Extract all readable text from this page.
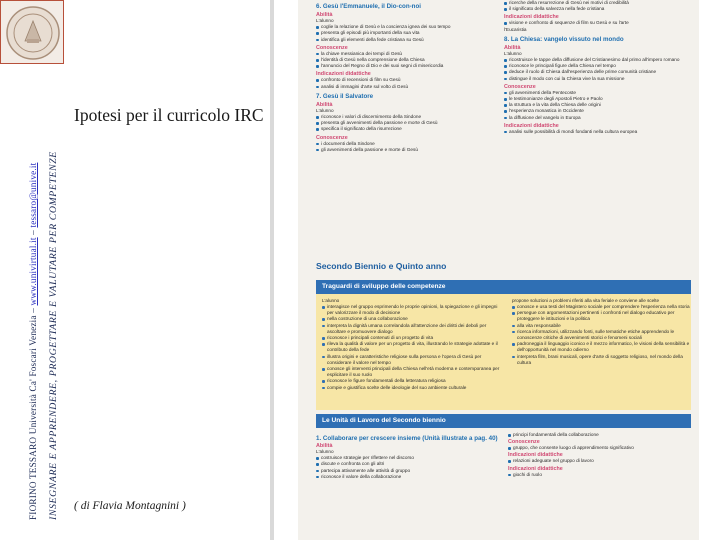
FIORINO TESSARO Università Ca' Foscari Venezia – www.univirtual.it – tessaro@unive.it INSEGNARE E APPRENDERE, PROGETTARE E VALUTARE PER COMPETENZE
Ipotesi per il curricolo IRC
( di Flavia Montagnini )
6. Gesù l'Emmanuele, il Dio-con-noi
Abilità
L'alunno
coglie la relazione di Gesù e la coscienza ignea dei suo tempo
presenta gli episodi più importanti della sua vita
identifica gli elementi della fede cristiana su Gesù
Conoscenze
la chiave messianica dei tempi di Gesù
l'identità di Gesù nella comprensione della Chiesa
l'annuncio del Regno di Dio e dei suoi segni di misericordia
Indicazioni didattiche
confronto di recensioni di film su Gesù
analisi di immagini d'arte sul volto di Gesù
7. Gesù il Salvatore
Abilità
L'alunno
riconosce i valori di discernimento della Sindone
presenta gli avvenimenti della passione e morte di Gesù
specifica il significato della risurrezione
Conoscenze
i documenti della Sindone
gli avvenimenti della passione e morte di Gesù
ricerche della resurrezione di Gesù nei motivi di credibilità
il significato della salvezza nella fede cristiana
Indicazioni didattiche
visione e confronto di sequenze di film su Gesù e su l'arte
l'Eucaristia
8. La Chiesa: vangelo vissuto nel mondo
Abilità
L'alunno
ricostruisce le tappe della diffusione del Cristianesimo dal primo all'impero romano
riconosce le principali figure della Chiesa nel tempo
deduce il ruolo di Chiesa dall'esperienza delle prime comunità cristiane
distingue il modo con cui la Chiesa vive la sua missione
Conoscenze
gli avvenimenti della Pentecoste
le testimonianze degli Apostoli Pietro e Paolo
la struttura e la vita della Chiesa delle origini
l'esperienza monastica in Occidente
la diffusione del vangelo in Europa
Indicazioni didattiche
analisi sulle possibilità di mondi fondanti nella cultura europea
Secondo Biennio e Quinto anno
Traguardi di sviluppo delle competenze
L'alunno
interagisce nel gruppo esprimendo le proprie opinioni, la spiegazione e gli impegni per valorizzare il modo di decisione
nella costruzione di una collaborazione
interpreta la dignità umana correlandola all'attenzione dei diritti dei deboli per ascoltare e promuovere dialogo
riconosce i principali contenuti di un progetto di vita
rileva la qualità di valore per un progetto di vita, illustrando le strategie adottate e il contributo della fede
illustra origini e caratteristiche religiose sulla persona e l'opera di Gesù per considerare il valore nel tempo
conosce gli interventi principali della Chiesa nell'età moderna e contemporanea per esplicitare il suo ruolo
riconosce le figure fondamentali della letteratura religiosa
compie e giustifica scelte delle ideologie del suo ambiente culturale
propone soluzioni a problemi riferiti alla vita feriale e conviene alle scelte
conosce e usa testi del Magistero sociale per comprendere l'esperienza nella storia
persegue con argomentazioni pertinenti i confronti nel dialogo educativo per proteggere le istituzioni e la politica
alla vita responsabile
ricerca informazioni, utilizzando fonti, sulle tematiche etiche apprendendo le conoscenze critiche di avvenimenti storici e fenomeni sociali
padroneggia il linguaggio iconico e il mezzo informatico, le visioni della sensibilità e dell'opportunità nel mondo odierno
interpreta film, brani musicali, opere d'arte di soggetto religioso, nel mondo della cultura
Le Unità di Lavoro del Secondo biennio
1. Collaborare per crescere insieme (Unità illustrate a pag. 40)
Abilità
L'alunno
costruisce strategie per riflettere nel discorso
discute e confronta con gli altri
partecipa attivamente alle attività di gruppo
riconosce il valore della collaborazione
principi fondamentali della collaborazione
Conoscenze
gruppo, che consente luogo di apprendimento significativo
Indicazioni didattiche
relazioni adeguate nel gruppo di lavoro
Indicazioni didattiche
giochi di ruolo
